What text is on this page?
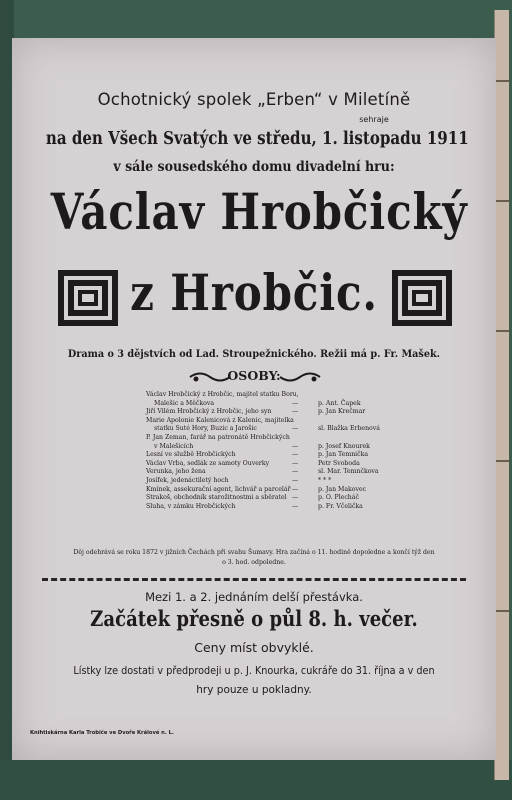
Ochotnický spolek „Erben“ v Miletíně
sehraje
na den Všech Svatých ve středu, 1. listopadu 1911
v sále sousedského domu divadelní hru:
Václav Hrobčický
z Hrobčic.
Drama o 3 dějstvích od Lad. Stroupežnického. Režii má p. Fr. Mašek.
OSOBY:
Václav Hrobčický z Hrobčic, majitel statku Boru,
Malešic a Měčkova	—	p. Ant. Čapek
Jiří Vilém Hrobčický z Hrobčic, jeho syn	—	p. Jan Krečmar
Marie Apolonie Kalenicová z Kalenic, majitelka
statku Suté Hory, Buzic a Jarošic	—	sl. Blažka Erbenová
P. Jan Zeman, farář na patronátě Hrobčických
v Malešicích	—	p. Josef Knourek
Lesní ve službě Hrobčických	—	p. Jan Temnička
Václav Vrba, sedlák ze samoty Ouverky	—	Petr Svoboda
Verunka, jeho žena	—	sl. Mar. Temnčkova
Josífek, jedenáctiletý hoch	—	* * *
Kmínek, assekurační agent, lichvář a parcelář —	p. Jan Makovec
Strakoš, obchodník starožitnostmi a sběratel —	p. O. Plecháč
Sluha, v zámku Hrobčických	—	p. Fr. Včelička
Děj odehrává se roku 1872 v jižních Čechách při svahu Šumavy. Hra začíná o 11. hodině dopoledne a končí týž den
o 3. hod. odpoledne.
Mezi 1. a 2. jednáním delší přestávka.
Začátek přesně o půl 8. h. večer.
Ceny míst obvyklé.
Lístky lze dostati v předprodeji u p. J. Knourka, cukráře do 31. října a v den
hry pouze u pokladny.
Knihtiskárna Karla Trobiče ve Dvoře Králové n. L.
